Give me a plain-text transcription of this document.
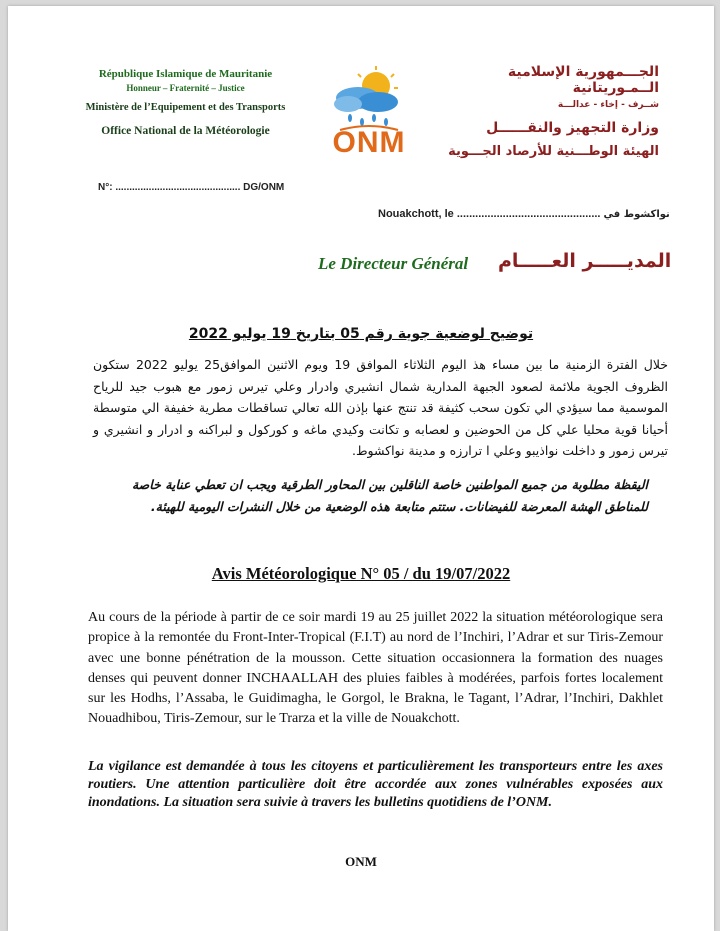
République Islamique de Mauritanie
Honneur – Fraternité – Justice
Ministère de l’Equipement et des Transports
Office National de la Météorologie	ONM
الجـــمهورية الإسلامية الــمـوريتانية
شــرف - إخاء - عدالـــة
وزارة التجهيز والنقــــــل
الهيئة الوطـــنية للأرصاد الجـــوية
N°: ............................................. DG/ONM
Nouakchott, le ............................................... نواكشوط في
Le Directeur Général المديـــــر العـــــام
توضيح لوضعية جوية رقم 05 بتاريخ 19 يوليو 2022
خلال الفترة الزمنية ما بين مساء هذ اليوم الثلاثاء الموافق 19 ويوم الاثنين الموافق25 يوليو 2022 ستكون الظروف الجوية ملائمة لصعود الجبهة المدارية شمال انشيري وادرار وعلي تيرس زمور مع هبوب جيد للرياح الموسمية مما سيؤدي الي تكون سحب كثيفة قد تنتج عنها بإذن الله تعالي تساقطات مطرية خفيفة الي متوسطة أحيانا قوية محليا علي كل من الحوضين و لعصابه و تكانت وكيدي ماغه و كوركول و لبراكنه و ادرار و انشيري و تيرس زمور و داخلت نواذيبو وعلي ا ترارزه و مدينة نواكشوط.
اليقظة مطلوبة من جميع المواطنين خاصة الناقلين بين المحاور الطرقية ويجب ان تعطي عناية خاصة للمناطق الهشة المعرضة للفيضانات. ستتم متابعة هذه الوضعية من خلال النشرات اليومية للهيئة.
Avis Météorologique N° 05 / du 19/07/2022
Au cours de la période à partir de ce soir mardi 19 au 25 juillet 2022 la situation météorologique sera propice à la remontée du Front-Inter-Tropical (F.I.T) au nord de l’Inchiri, l’Adrar et sur Tiris-Zemour avec une bonne pénétration de la mousson. Cette situation occasionnera la formation des nuages denses qui peuvent donner INCHAALLAH des pluies faibles à modérées, parfois fortes localement sur les Hodhs, l’Assaba, le Guidimagha, le Gorgol, le Brakna, le Tagant, l’Adrar, l’Inchiri, Dakhlet Nouadhibou, Tiris-Zemour, sur le Trarza et la ville de Nouakchott.
La vigilance est demandée à tous les citoyens et particulièrement les transporteurs entre les axes routiers. Une attention particulière doit être accordée aux zones vulnérables exposées aux inondations. La situation sera suivie à travers les bulletins quotidiens de l’ONM.
ONM
